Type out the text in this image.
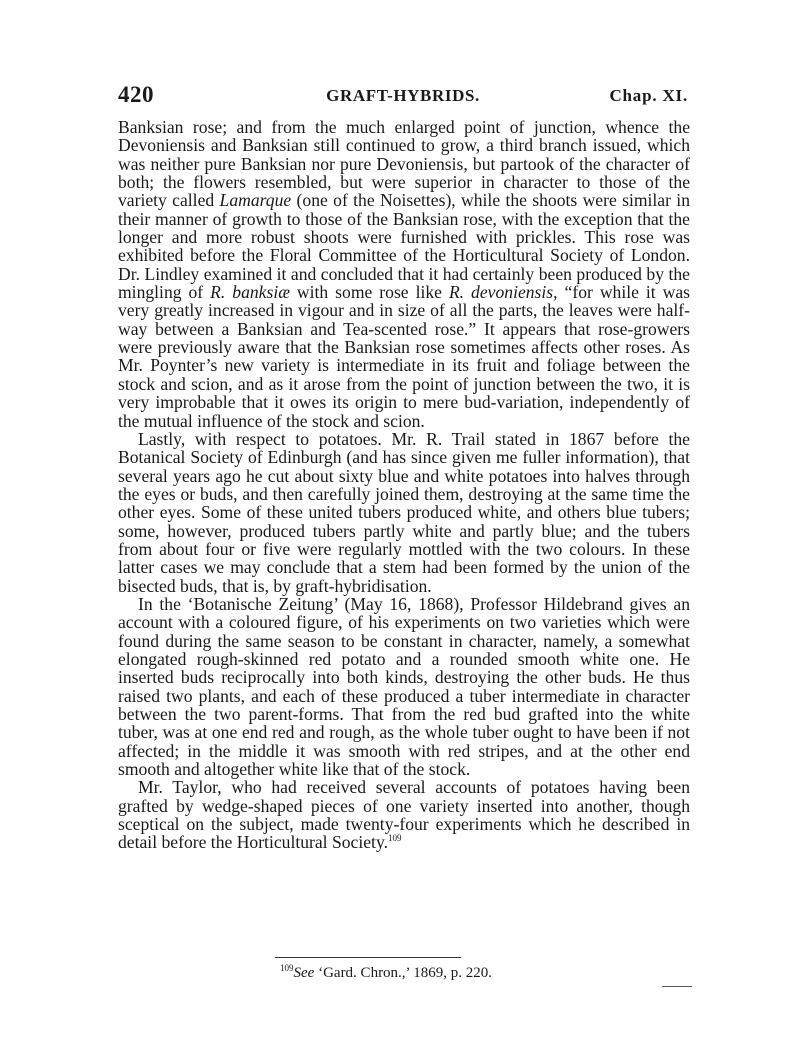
420	GRAFT-HYBRIDS.	Chap. XI.

Banksian rose; and from the much enlarged point of junction, whence the Devoniensis and Banksian still continued to grow, a third branch issued, which was neither pure Banksian nor pure Devoniensis, but partook of the character of both; the flowers resembled, but were superior in character to those of the variety called Lamarque (one of the Noisettes), while the shoots were similar in their manner of growth to those of the Banksian rose, with the exception that the longer and more robust shoots were furnished with prickles. This rose was exhibited before the Floral Committee of the Horticultural Society of London. Dr. Lindley examined it and concluded that it had certainly been produced by the mingling of R. banksiæ with some rose like R. devoniensis, “for while it was very greatly increased in vigour and in size of all the parts, the leaves were half-way between a Banksian and Tea-scented rose.” It appears that rose-growers were previously aware that the Banksian rose sometimes affects other roses. As Mr. Poynter’s new variety is intermediate in its fruit and foliage between the stock and scion, and as it arose from the point of junction between the two, it is very improbable that it owes its origin to mere bud-variation, independently of the mutual influence of the stock and scion.

Lastly, with respect to potatoes. Mr. R. Trail stated in 1867 before the Botanical Society of Edinburgh (and has since given me fuller information), that several years ago he cut about sixty blue and white potatoes into halves through the eyes or buds, and then carefully joined them, destroying at the same time the other eyes. Some of these united tubers produced white, and others blue tubers; some, however, produced tubers partly white and partly blue; and the tubers from about four or five were regularly mottled with the two colours. In these latter cases we may conclude that a stem had been formed by the union of the bisected buds, that is, by graft-hybridisation.

In the ‘Botanische Zeitung’ (May 16, 1868), Professor Hildebrand gives an account with a coloured figure, of his experiments on two varieties which were found during the same season to be constant in character, namely, a somewhat elongated rough-skinned red potato and a rounded smooth white one. He inserted buds reciprocally into both kinds, destroying the other buds. He thus raised two plants, and each of these produced a tuber intermediate in character between the two parent-forms. That from the red bud grafted into the white tuber, was at one end red and rough, as the whole tuber ought to have been if not affected; in the middle it was smooth with red stripes, and at the other end smooth and altogether white like that of the stock.

Mr. Taylor, who had received several accounts of potatoes having been grafted by wedge-shaped pieces of one variety inserted into another, though sceptical on the subject, made twenty-four experiments which he described in detail before the Horticultural Society.$^{109}$

$^{109}$See ‘Gard. Chron.,’ 1869, p. 220.
